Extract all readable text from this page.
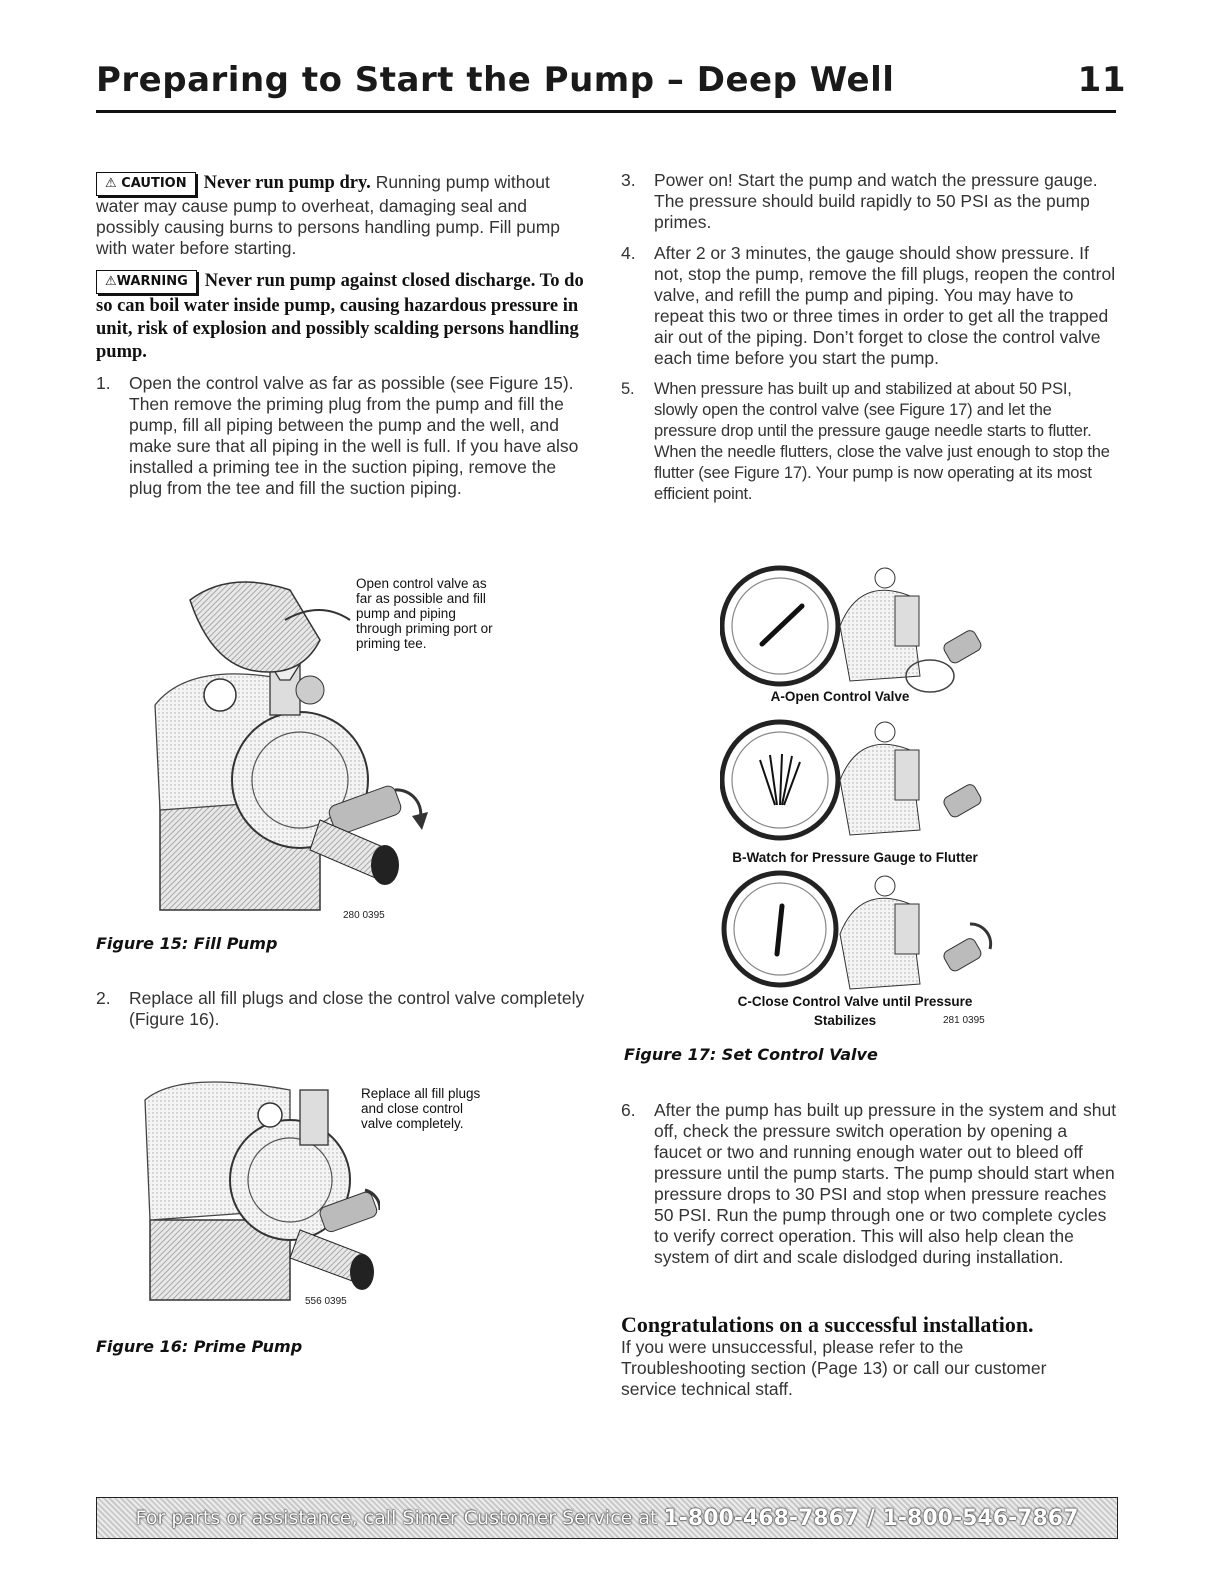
Preparing to Start the Pump – Deep Well	11

⚠ CAUTION Never run pump dry. Running pump without water may cause pump to overheat, damaging seal and possibly causing burns to persons handling pump. Fill pump with water before starting.

⚠WARNING Never run pump against closed discharge. To do so can boil water inside pump, causing hazardous pressure in unit, risk of explosion and possibly scalding persons handling pump.

1. Open the control valve as far as possible (see Figure 15). Then remove the priming plug from the pump and fill the pump, fill all piping between the pump and the well, and make sure that all piping in the well is full. If you have also installed a priming tee in the suction piping, remove the plug from the tee and fill the suction piping.
Open control valve as far as possible and fill pump and piping through priming port or priming tee.
280 0395
Figure 15: Fill Pump
2. Replace all fill plugs and close the control valve completely (Figure 16).
Replace all fill plugs and close control valve completely.
556 0395
Figure 16: Prime Pump
3. Power on! Start the pump and watch the pressure gauge. The pressure should build rapidly to 50 PSI as the pump primes.
4. After 2 or 3 minutes, the gauge should show pressure. If not, stop the pump, remove the fill plugs, reopen the control valve, and refill the pump and piping. You may have to repeat this two or three times in order to get all the trapped air out of the piping. Don’t forget to close the control valve each time before you start the pump.
5. When pressure has built up and stabilized at about 50 PSI, slowly open the control valve (see Figure 17) and let the pressure drop until the pressure gauge needle starts to flutter. When the needle flutters, close the valve just enough to stop the flutter (see Figure 17). Your pump is now operating at its most efficient point.
A-Open Control Valve
B-Watch for Pressure Gauge to Flutter
C-Close Control Valve until Pressure
Stabilizes	281 0395
Figure 17: Set Control Valve
6. After the pump has built up pressure in the system and shut off, check the pressure switch operation by opening a faucet or two and running enough water out to bleed off pressure until the pump starts. The pump should start when pressure drops to 30 PSI and stop when pressure reaches 50 PSI. Run the pump through one or two complete cycles to verify correct operation. This will also help clean the system of dirt and scale dislodged during installation.
Congratulations on a successful installation.
If you were unsuccessful, please refer to the Troubleshooting section (Page 13) or call our customer service technical staff.
For parts or assistance, call Simer Customer Service at 1-800-468-7867 / 1-800-546-7867
